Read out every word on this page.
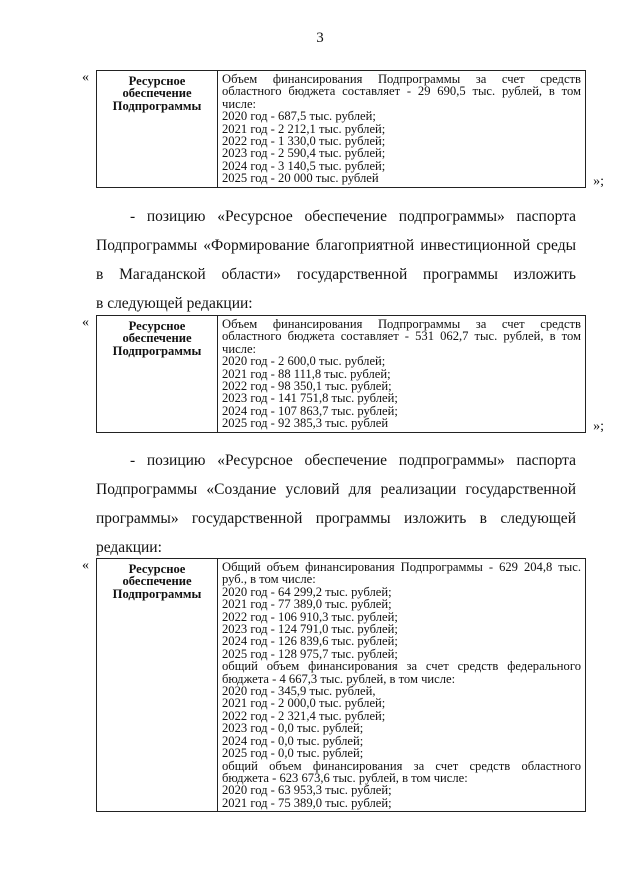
3
«	Ресурсное
обеспечение
Подпрограммы

Объем финансирования Подпрограммы за счет средств
областного бюджета составляет - 29 690,5 тыс. рублей, в том
числе:
2020 год - 687,5 тыс. рублей;
2021 год - 2 212,1 тыс. рублей;
2022 год - 1 330,0 тыс. рублей;
2023 год - 2 590,4 тыс. рублей;
2024 год - 3 140,5 тыс. рублей;
2025 год - 20 000 тыс. рублей	»;
- позицию «Ресурсное обеспечение подпрограммы» паспорта
Подпрограммы «Формирование благоприятной инвестиционной среды
в Магаданской области» государственной программы изложить
в следующей редакции:
«	Ресурсное
обеспечение
Подпрограммы

Объем финансирования Подпрограммы за счет средств
областного бюджета составляет - 531 062,7 тыс. рублей, в том
числе:
2020 год - 2 600,0 тыс. рублей;
2021 год - 88 111,8 тыс. рублей;
2022 год - 98 350,1 тыс. рублей;
2023 год - 141 751,8 тыс. рублей;
2024 год - 107 863,7 тыс. рублей;
2025 год - 92 385,3 тыс. рублей	»;
- позицию «Ресурсное обеспечение подпрограммы» паспорта
Подпрограммы «Создание условий для реализации государственной
программы» государственной программы изложить в следующей
редакции:
«	Ресурсное
обеспечение
Подпрограммы

Общий объем финансирования Подпрограммы - 629 204,8 тыс.
руб., в том числе:
2020 год - 64 299,2 тыс. рублей;
2021 год - 77 389,0 тыс. рублей;
2022 год - 106 910,3 тыс. рублей;
2023 год - 124 791,0 тыс. рублей;
2024 год - 126 839,6 тыс. рублей;
2025 год - 128 975,7 тыс. рублей;
общий объем финансирования за счет средств федерального
бюджета - 4 667,3 тыс. рублей, в том числе:
2020 год - 345,9 тыс. рублей,
2021 год - 2 000,0 тыс. рублей;
2022 год - 2 321,4 тыс. рублей;
2023 год - 0,0 тыс. рублей;
2024 год - 0,0 тыс. рублей;
2025 год - 0,0 тыс. рублей;
общий объем финансирования за счет средств областного
бюджета - 623 673,6 тыс. рублей, в том числе:
2020 год - 63 953,3 тыс. рублей;
2021 год - 75 389,0 тыс. рублей;
